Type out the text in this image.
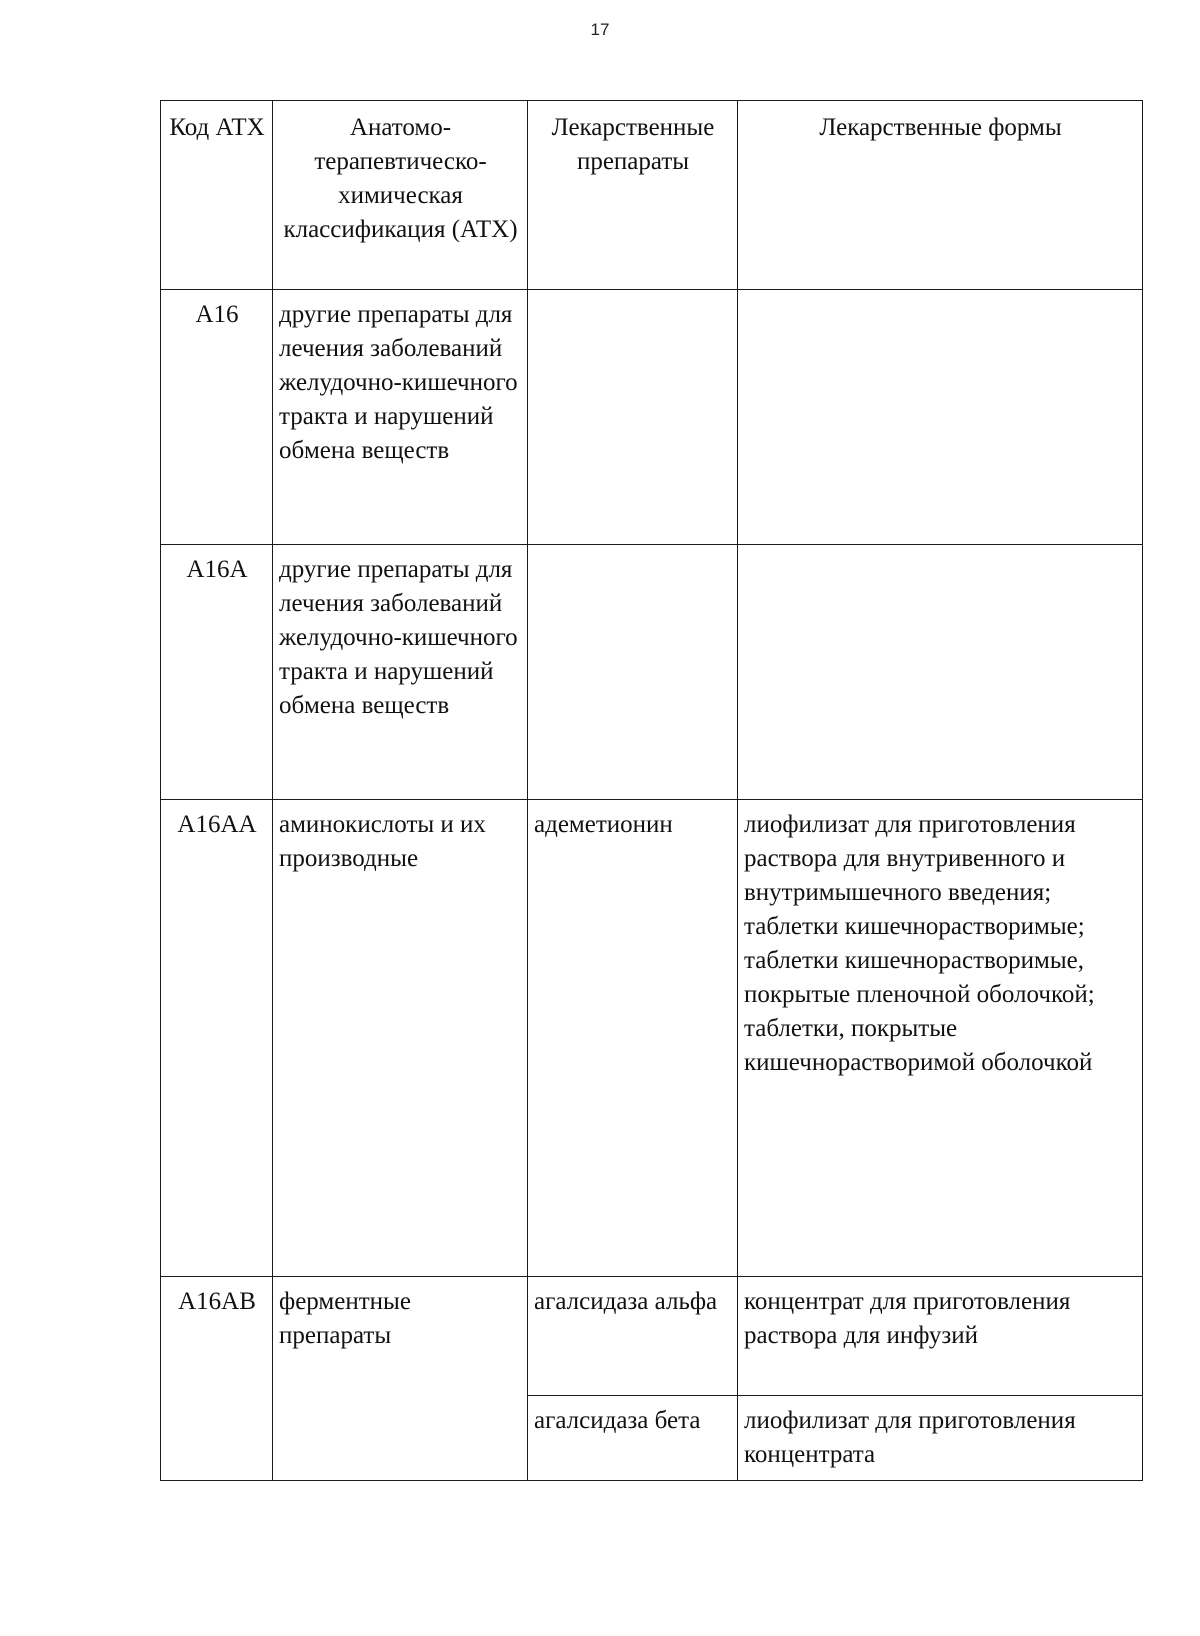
17
Код АТХ	Анатомо-терапевтическо-химическая классификация (АТХ)	Лекарственные препараты	Лекарственные формы
A16	другие препараты для лечения заболеваний желудочно-кишечного тракта и нарушений обмена веществ		
A16A	другие препараты для лечения заболеваний желудочно-кишечного тракта и нарушений обмена веществ		
A16AA	аминокислоты и их производные	адеметионин	лиофилизат для приготовления раствора для внутривенного и внутримышечного введения;
таблетки кишечнорастворимые;
таблетки кишечнорастворимые, покрытые пленочной оболочкой;
таблетки, покрытые кишечнорастворимой оболочкой

A16AB	ферментные препараты	агалсидаза альфа	концентрат для приготовления раствора для инфузий

		агалсидаза бета	лиофилизат для приготовления концентрата
